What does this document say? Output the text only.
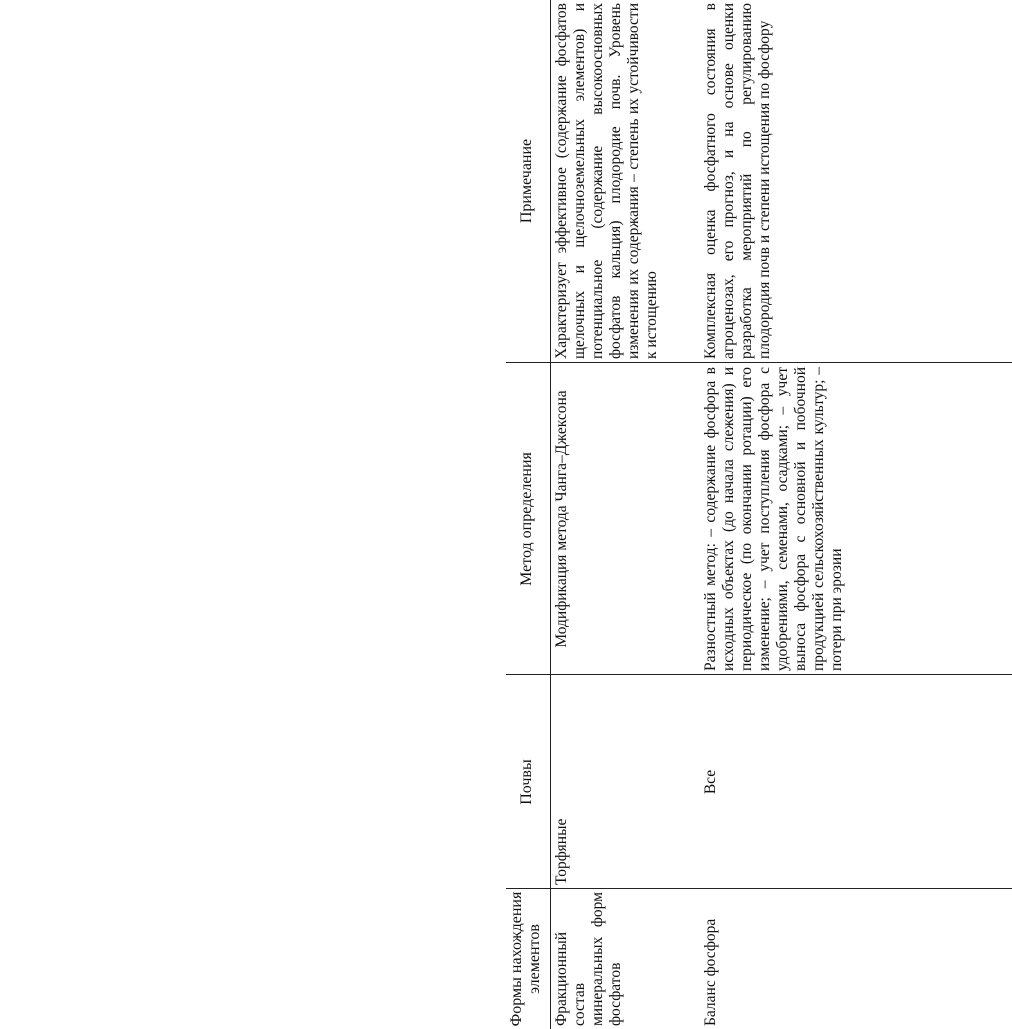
Формы нахождения элементов
Почвы
Метод определения
Примечание
Фракционный состав минеральных форм фосфатов
Торфяные
Модификация метода Чанга–Джексона
Характеризует эффективное (содержание фосфатов щелочных и щелочноземельных элементов) и потенциальное (содержание высокоосновных фосфатов кальция) плодородие почв. Уровень изменения их содержания – степень их устойчивости к истощению
Баланс фосфора
Все
Разностный метод: – содержание фосфора в исходных объектах (до начала слежения) и периодическое (по окончании ротации) его изменение; – учет поступления фосфора с удобрениями, семенами, осадками; – учет выноса фосфора с основной и побочной продукцией сельскохозяйственных культур; – потери при эрозии
Комплексная оценка фосфатного состояния в агроценозах, его прогноз, и на основе оценки разработка мероприятий по регулированию плодородия почв и степени истощения по фосфору
